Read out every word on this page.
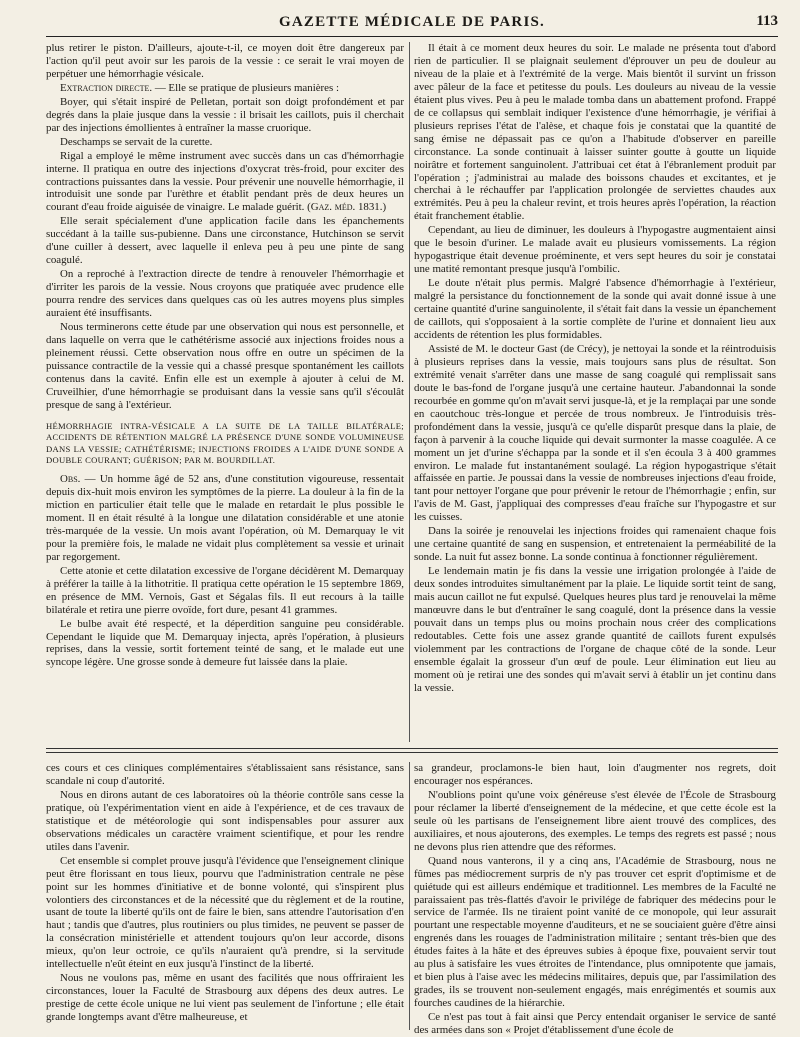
GAZETTE MÉDICALE DE PARIS.	113

plus retirer le piston. D'ailleurs, ajoute-t-il, ce moyen doit être dangereux par l'action qu'il peut avoir sur les parois de la vessie : ce serait le vrai moyen de perpétuer une hémorrhagie vésicale.

Extraction directe. — Elle se pratique de plusieurs manières :

Boyer, qui s'était inspiré de Pelletan, portait son doigt profondément et par degrés dans la plaie jusque dans la vessie : il brisait les caillots, puis il cherchait par des injections émollientes à entraîner la masse cruorique.

Deschamps se servait de la curette.

Rigal a employé le même instrument avec succès dans un cas d'hémorrhagie interne. Il pratiqua en outre des injections d'oxycrat très-froid, pour exciter des contractions puissantes dans la vessie. Pour prévenir une nouvelle hémorrhagie, il introduisit une sonde par l'urèthre et établit pendant près de deux heures un courant d'eau froide aiguisée de vinaigre. Le malade guérit. (Gaz. méd. 1831.)

Elle serait spécialement d'une application facile dans les épanchements succédant à la taille sus-pubienne. Dans une circonstance, Hutchinson se servit d'une cuiller à dessert, avec laquelle il enleva peu à peu une pinte de sang coagulé.

On a reproché à l'extraction directe de tendre à renouveler l'hémorrhagie et d'irriter les parois de la vessie. Nous croyons que pratiquée avec prudence elle pourra rendre des services dans quelques cas où les autres moyens plus simples auraient été insuffisants.

Nous terminerons cette étude par une observation qui nous est personnelle, et dans laquelle on verra que le cathétérisme associé aux injections froides nous a pleinement réussi. Cette observation nous offre en outre un spécimen de la puissance contractile de la vessie qui a chassé presque spontanément les caillots contenus dans la cavité. Enfin elle est un exemple à ajouter à celui de M. Cruveilhier, d'une hémorrhagie se produisant dans la vessie sans qu'il s'écoulât presque de sang à l'extérieur.

HÉMORRHAGIE INTRA-VÉSICALE A LA SUITE DE LA TAILLE BILATÉRALE; ACCIDENTS DE RÉTENTION MALGRÉ LA PRÉSENCE D'UNE SONDE VOLUMINEUSE DANS LA VESSIE; CATHÉTÉRISME; INJECTIONS FROIDES A L'AIDE D'UNE SONDE A DOUBLE COURANT; GUÉRISON; PAR M. BOURDILLAT.

Obs. — Un homme âgé de 52 ans, d'une constitution vigoureuse, ressentait depuis dix-huit mois environ les symptômes de la pierre. La douleur à la fin de la miction en particulier était telle que le malade en retardait le plus possible le moment. Il en était résulté à la longue une dilatation considérable et une atonie très-marquée de la vessie. Un mois avant l'opération, où M. Demarquay le vit pour la première fois, le malade ne vidait plus complètement sa vessie et urinait par regorgement.

Cette atonie et cette dilatation excessive de l'organe décidèrent M. Demarquay à préférer la taille à la lithotritie. Il pratiqua cette opération le 15 septembre 1869, en présence de MM. Vernois, Gast et Ségalas fils. Il eut recours à la taille bilatérale et retira une pierre ovoïde, fort dure, pesant 41 grammes.

Le bulbe avait été respecté, et la déperdition sanguine peu considérable. Cependant le liquide que M. Demarquay injecta, après l'opération, à plusieurs reprises, dans la vessie, sortit fortement teinté de sang, et le malade eut une syncope légère. Une grosse sonde à demeure fut laissée dans la plaie.

Il était à ce moment deux heures du soir. Le malade ne présenta tout d'abord rien de particulier. Il se plaignait seulement d'éprouver un peu de douleur au niveau de la plaie et à l'extrémité de la verge. Mais bientôt il survint un frisson avec pâleur de la face et petitesse du pouls. Les douleurs au niveau de la vessie étaient plus vives. Peu à peu le malade tomba dans un abattement profond. Frappé de ce collapsus qui semblait indiquer l'existence d'une hémorrhagie, je vérifiai à plusieurs reprises l'état de l'alèse, et chaque fois je constatai que la quantité de sang émise ne dépassait pas ce qu'on a l'habitude d'observer en pareille circonstance. La sonde continuait à laisser suinter goutte à goutte un liquide noirâtre et fortement sanguinolent. J'attribuai cet état à l'ébranlement produit par l'opération ; j'administrai au malade des boissons chaudes et excitantes, et je cherchai à le réchauffer par l'application prolongée de serviettes chaudes aux extrémités. Peu à peu la chaleur revint, et trois heures après l'opération, la réaction était franchement établie.

Cependant, au lieu de diminuer, les douleurs à l'hypogastre augmentaient ainsi que le besoin d'uriner. Le malade avait eu plusieurs vomissements. La région hypogastrique était devenue proéminente, et vers sept heures du soir je constatai une matité remontant presque jusqu'à l'ombilic.

Le doute n'était plus permis. Malgré l'absence d'hémorrhagie à l'extérieur, malgré la persistance du fonctionnement de la sonde qui avait donné issue à une certaine quantité d'urine sanguinolente, il s'était fait dans la vessie un épanchement de caillots, qui s'opposaient à la sortie complète de l'urine et donnaient lieu aux accidents de rétention les plus formidables.

Assisté de M. le docteur Gast (de Crécy), je nettoyai la sonde et la réintroduisis à plusieurs reprises dans la vessie, mais toujours sans plus de résultat. Son extrémité venait s'arrêter dans une masse de sang coagulé qui remplissait sans doute le bas-fond de l'organe jusqu'à une certaine hauteur. J'abandonnai la sonde recourbée en gomme qu'on m'avait servi jusque-là, et je la remplaçai par une sonde en caoutchouc très-longue et percée de trous nombreux. Je l'introduisis très-profondément dans la vessie, jusqu'à ce qu'elle disparût presque dans la plaie, de façon à parvenir à la couche liquide qui devait surmonter la masse coagulée. A ce moment un jet d'urine s'échappa par la sonde et il s'en écoula 3 à 400 grammes environ. Le malade fut instantanément soulagé. La région hypogastrique s'était affaissée en partie. Je poussai dans la vessie de nombreuses injections d'eau froide, tant pour nettoyer l'organe que pour prévenir le retour de l'hémorrhagie ; enfin, sur l'avis de M. Gast, j'appliquai des compresses d'eau fraîche sur l'hypogastre et sur les cuisses.

Dans la soirée je renouvelai les injections froides qui ramenaient chaque fois une certaine quantité de sang en suspension, et entretenaient la perméabilité de la sonde. La nuit fut assez bonne. La sonde continua à fonctionner régulièrement.

Le lendemain matin je fis dans la vessie une irrigation prolongée à l'aide de deux sondes introduites simultanément par la plaie. Le liquide sortit teint de sang, mais aucun caillot ne fut expulsé. Quelques heures plus tard je renouvelai la même manœuvre dans le but d'entraîner le sang coagulé, dont la présence dans la vessie pouvait dans un temps plus ou moins prochain nous créer des complications redoutables. Cette fois une assez grande quantité de caillots furent expulsés violemment par les contractions de l'organe de chaque côté de la sonde. Leur ensemble égalait la grosseur d'un œuf de poule. Leur élimination eut lieu au moment où je retirai une des sondes qui m'avait servi à établir un jet continu dans la vessie.

ces cours et ces cliniques complémentaires s'établissaient sans résistance, sans scandale ni coup d'autorité.

Nous en dirons autant de ces laboratoires où la théorie contrôle sans cesse la pratique, où l'expérimentation vient en aide à l'expérience, et de ces travaux de statistique et de météorologie qui sont indispensables pour assurer aux observations médicales un caractère vraiment scientifique, et pour les rendre utiles dans l'avenir.

Cet ensemble si complet prouve jusqu'à l'évidence que l'enseignement clinique peut être florissant en tous lieux, pourvu que l'administration centrale ne pèse point sur les hommes d'initiative et de bonne volonté, qui s'inspirent plus volontiers des circonstances et de la nécessité que du règlement et de la routine, usant de toute la liberté qu'ils ont de faire le bien, sans attendre l'autorisation d'en haut ; tandis que d'autres, plus routiniers ou plus timides, ne peuvent se passer de la consécration ministérielle et attendent toujours qu'on leur accorde, disons mieux, qu'on leur octroie, ce qu'ils n'auraient qu'à prendre, si la servitude intellectuelle n'eût éteint en eux jusqu'à l'instinct de la liberté.

Nous ne voulons pas, même en usant des facilités que nous offriraient les circonstances, louer la Faculté de Strasbourg aux dépens des deux autres. Le prestige de cette école unique ne lui vient pas seulement de l'infortune ; elle était grande longtemps avant d'être malheureuse, et

sa grandeur, proclamons-le bien haut, loin d'augmenter nos regrets, doit encourager nos espérances.

N'oublions point qu'une voix généreuse s'est élevée de l'École de Strasbourg pour réclamer la liberté d'enseignement de la médecine, et que cette école est la seule où les partisans de l'enseignement libre aient trouvé des complices, des auxiliaires, et nous ajouterons, des exemples. Le temps des regrets est passé ; nous ne devons plus rien attendre que des réformes.

Quand nous vanterons, il y a cinq ans, l'Académie de Strasbourg, nous ne fûmes pas médiocrement surpris de n'y pas trouver cet esprit d'optimisme et de quiétude qui est ailleurs endémique et traditionnel. Les membres de la Faculté ne paraissaient pas très-flattés d'avoir le privilége de fabriquer des médecins pour le service de l'armée. Ils ne tiraient point vanité de ce monopole, qui leur assurait pourtant une respectable moyenne d'auditeurs, et ne se souciaient guère d'être ainsi engrenés dans les rouages de l'administration militaire ; sentant très-bien que des études faites à la hâte et des épreuves subies à époque fixe, pouvaient servir tout au plus à satisfaire les vues étroites de l'intendance, plus omnipotente que jamais, et bien plus à l'aise avec les médecins militaires, depuis que, par l'assimilation des grades, ils se trouvent non-seulement engagés, mais enrégimentés et soumis aux fourches caudines de la hiérarchie.

Ce n'est pas tout à fait ainsi que Percy entendait organiser le service de santé des armées dans son « Projet d'établissement d'une école de
